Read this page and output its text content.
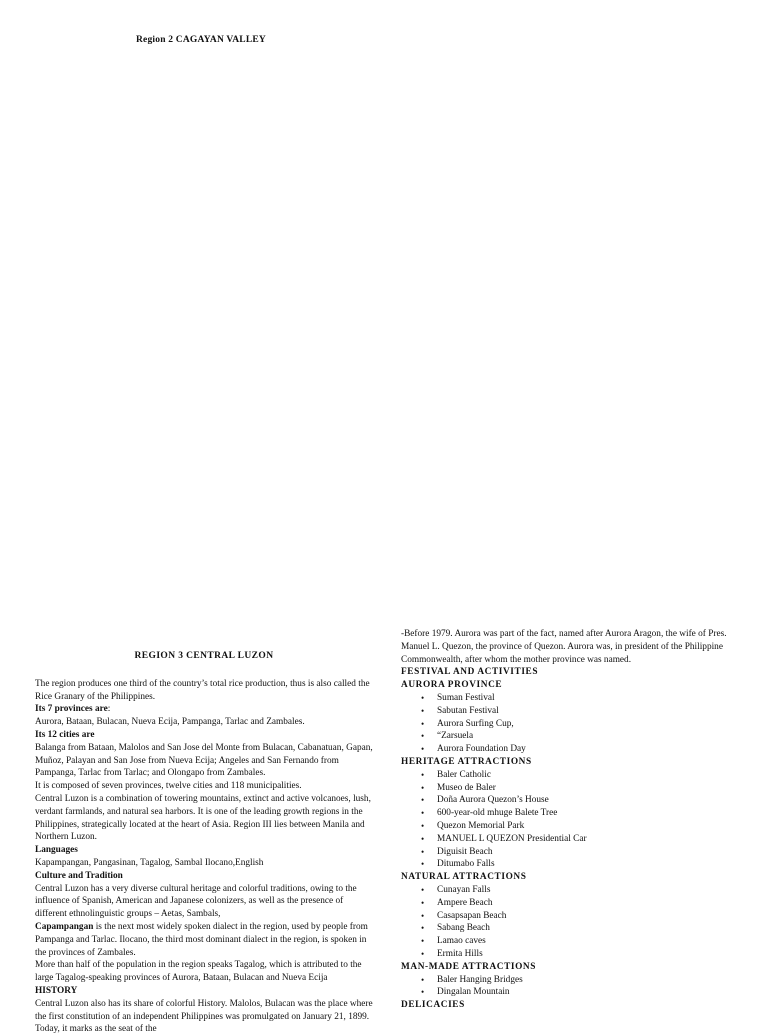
Region 2 CAGAYAN VALLEY

REGION 3 CENTRAL LUZON

The region produces one third of the country’s total rice production, thus is also called the Rice Granary of the Philippines.

Its 7 provinces are:

Aurora, Bataan, Bulacan, Nueva Ecija, Pampanga, Tarlac and Zambales.

Its 12 cities are

Balanga from Bataan, Malolos and San Jose del Monte from Bulacan, Cabanatuan, Gapan, Muñoz, Palayan and San Jose from Nueva Ecija; Angeles and San Fernando from Pampanga, Tarlac from Tarlac; and Olongapo from Zambales.

It is composed of seven provinces, twelve cities and 118 municipalities.

Central Luzon is a combination of towering mountains, extinct and active volcanoes, lush, verdant farmlands, and natural sea harbors. It is one of the leading growth regions in the Philippines, strategically located at the heart of Asia. Region III lies between Manila and Northern Luzon.

Languages

Kapampangan, Pangasinan, Tagalog, Sambal Ilocano,English

Culture and Tradition

Central Luzon has a very diverse cultural heritage and colorful traditions, owing to the influence of Spanish, American and Japanese colonizers, as well as the presence of different ethnolinguistic groups – Aetas, Sambals,

Capampangan is the next most widely spoken dialect in the region, used by people from Pampanga and Tarlac. Ilocano, the third most dominant dialect in the region, is spoken in the provinces of Zambales.

More than half of the population in the region speaks Tagalog, which is attributed to the large Tagalog-speaking provinces of Aurora, Bataan, Bulacan and Nueva Ecija

HISTORY

Central Luzon also has its share of colorful History. Malolos, Bulacan was the place where the first constitution of an independent Philippines was promulgated on January 21, 1899. Today, it marks as the seat of the

-Before 1979. Aurora was part of the fact, named after Aurora Aragon, the wife of Pres. Manuel L. Quezon, the province of Quezon. Aurora was, in president of the Philippine Commonwealth, after whom the mother province was named.

FESTIVAL AND ACTIVITIES

AURORA PROVINCE

• Suman Festival
• Sabutan Festival
• Aurora Surfing Cup,
• “Zarsuela
• Aurora Foundation Day

HERITAGE ATTRACTIONS

• Baler Catholic
• Museo de Baler
• Doña Aurora Quezon’s House
• 600-year-old mhuge Balete Tree
• Quezon Memorial Park
• MANUEL L QUEZON Presidential Car
• Diguisit Beach
• Ditumabo Falls

NATURAL ATTRACTIONS

• Cunayan Falls
• Ampere Beach
• Casapsapan Beach
• Sabang Beach
• Lamao caves
• Ermita Hills

MAN-MADE ATTRACTIONS

• Baler Hanging Bridges
• Dingalan Mountain

DELICACIES
